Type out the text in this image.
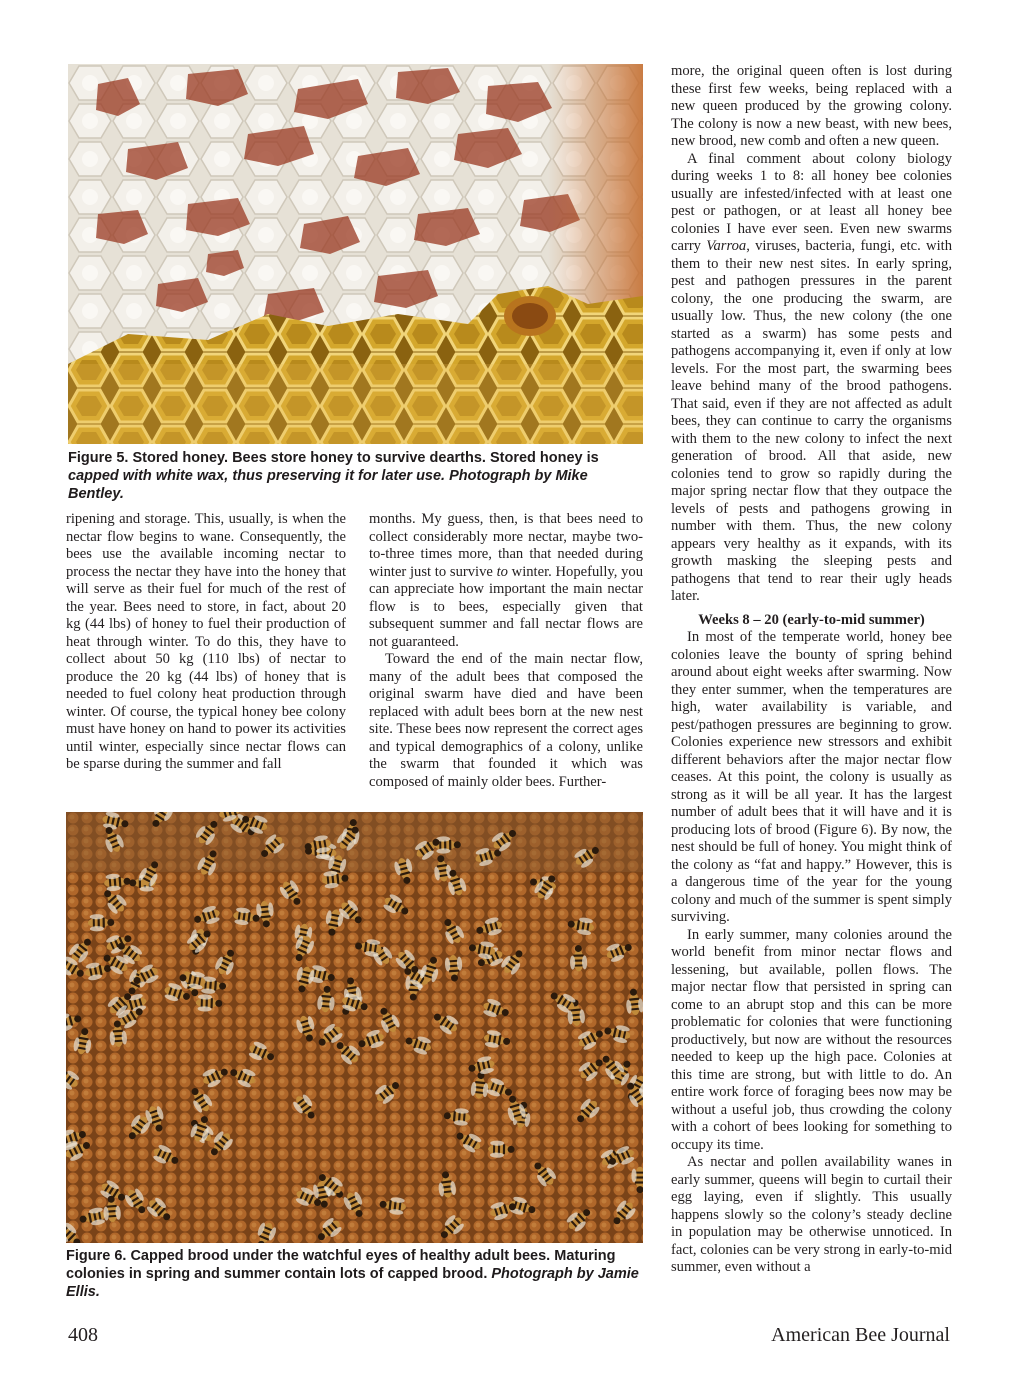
Figure 5. Stored honey. Bees store honey to survive dearths. Stored honey is capped with white wax, thus preserving it for later use. Photograph by Mike Bentley.

ripening and storage. This, usually, is when the nectar flow begins to wane. Consequently, the bees use the available incoming nectar to process the nectar they have into the honey that will serve as their fuel for much of the rest of the year. Bees need to store, in fact, about 20 kg (44 lbs) of honey to fuel their production of heat through winter. To do this, they have to collect about 50 kg (110 lbs) of nectar to produce the 20 kg (44 lbs) of honey that is needed to fuel colony heat production through winter. Of course, the typical honey bee colony must have honey on hand to power its activities until winter, especially since nectar flows can be sparse during the summer and fall

months. My guess, then, is that bees need to collect considerably more nectar, maybe two-to-three times more, than that needed during winter just to survive to winter. Hopefully, you can appreciate how important the main nectar flow is to bees, especially given that subsequent summer and fall nectar flows are not guaranteed.

Toward the end of the main nectar flow, many of the adult bees that composed the original swarm have died and have been replaced with adult bees born at the new nest site. These bees now represent the correct ages and typical demographics of a colony, unlike the swarm that founded it which was composed of mainly older bees. Further-

more, the original queen often is lost during these first few weeks, being replaced with a new queen produced by the growing colony. The colony is now a new beast, with new bees, new brood, new comb and often a new queen.

A final comment about colony biology during weeks 1 to 8: all honey bee colonies usually are infested/infected with at least one pest or pathogen, or at least all honey bee colonies I have ever seen. Even new swarms carry Varroa, viruses, bacteria, fungi, etc. with them to their new nest sites. In early spring, pest and pathogen pressures in the parent colony, the one producing the swarm, are usually low. Thus, the new colony (the one started as a swarm) has some pests and pathogens accompanying it, even if only at low levels. For the most part, the swarming bees leave behind many of the brood pathogens. That said, even if they are not affected as adult bees, they can continue to carry the organisms with them to the new colony to infect the next generation of brood. All that aside, new colonies tend to grow so rapidly during the major spring nectar flow that they outpace the levels of pests and pathogens growing in number with them. Thus, the new colony appears very healthy as it expands, with its growth masking the sleeping pests and pathogens that tend to rear their ugly heads later.

Weeks 8 – 20 (early-to-mid summer)

In most of the temperate world, honey bee colonies leave the bounty of spring behind around about eight weeks after swarming. Now they enter summer, when the temperatures are high, water availability is variable, and pest/pathogen pressures are beginning to grow. Colonies experience new stressors and exhibit different behaviors after the major nectar flow ceases. At this point, the colony is usually as strong as it will be all year. It has the largest number of adult bees that it will have and it is producing lots of brood (Figure 6). By now, the nest should be full of honey. You might think of the colony as “fat and happy.” However, this is a dangerous time of the year for the young colony and much of the summer is spent simply surviving.

In early summer, many colonies around the world benefit from minor nectar flows and lessening, but available, pollen flows. The major nectar flow that persisted in spring can come to an abrupt stop and this can be more problematic for colonies that were functioning productively, but now are without the resources needed to keep up the high pace. Colonies at this time are strong, but with little to do. An entire work force of foraging bees now may be without a useful job, thus crowding the colony with a cohort of bees looking for something to occupy its time.

As nectar and pollen availability wanes in early summer, queens will begin to curtail their egg laying, even if slightly. This usually happens slowly so the colony’s steady decline in population may be otherwise unnoticed. In fact, colonies can be very strong in early-to-mid summer, even without a

Figure 6. Capped brood under the watchful eyes of healthy adult bees. Maturing colonies in spring and summer contain lots of capped brood. Photograph by Jamie Ellis.
408	American Bee Journal
